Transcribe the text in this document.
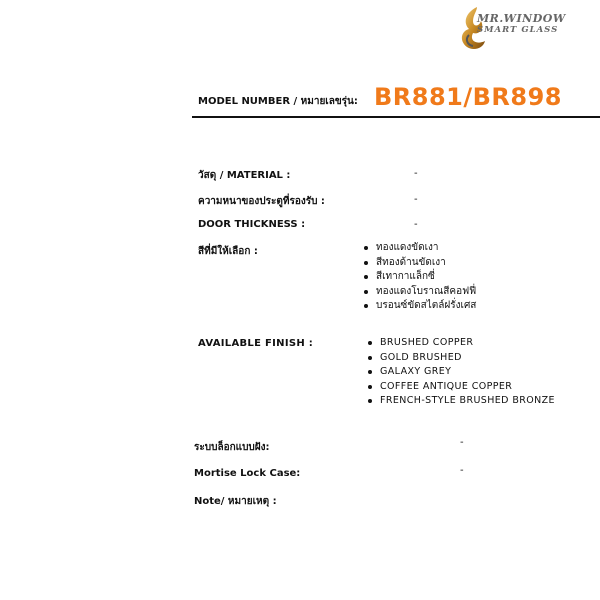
MR.WINDOW
SMART GLASS
MODEL NUMBER / หมายเลขรุ่น: BR881/BR898
วัสดุ / MATERIAL :	-
ความหนาของประตูที่รองรับ :	-
DOOR THICKNESS :	-
สีที่มีให้เลือก :	ทองแดงขัดเงา
สีทองด้านขัดเงา
สีเทากาแล็กซี่
ทองแดงโบราณสีคอฟฟี่
บรอนซ์ขัดสไตล์ฝรั่งเศส
AVAILABLE FINISH :	BRUSHED COPPER
GOLD BRUSHED
GALAXY GREY
COFFEE ANTIQUE COPPER
FRENCH-STYLE BRUSHED BRONZE
ระบบล็อกแบบฝัง:	-
Mortise Lock Case:	-
Note/ หมายเหตุ :
